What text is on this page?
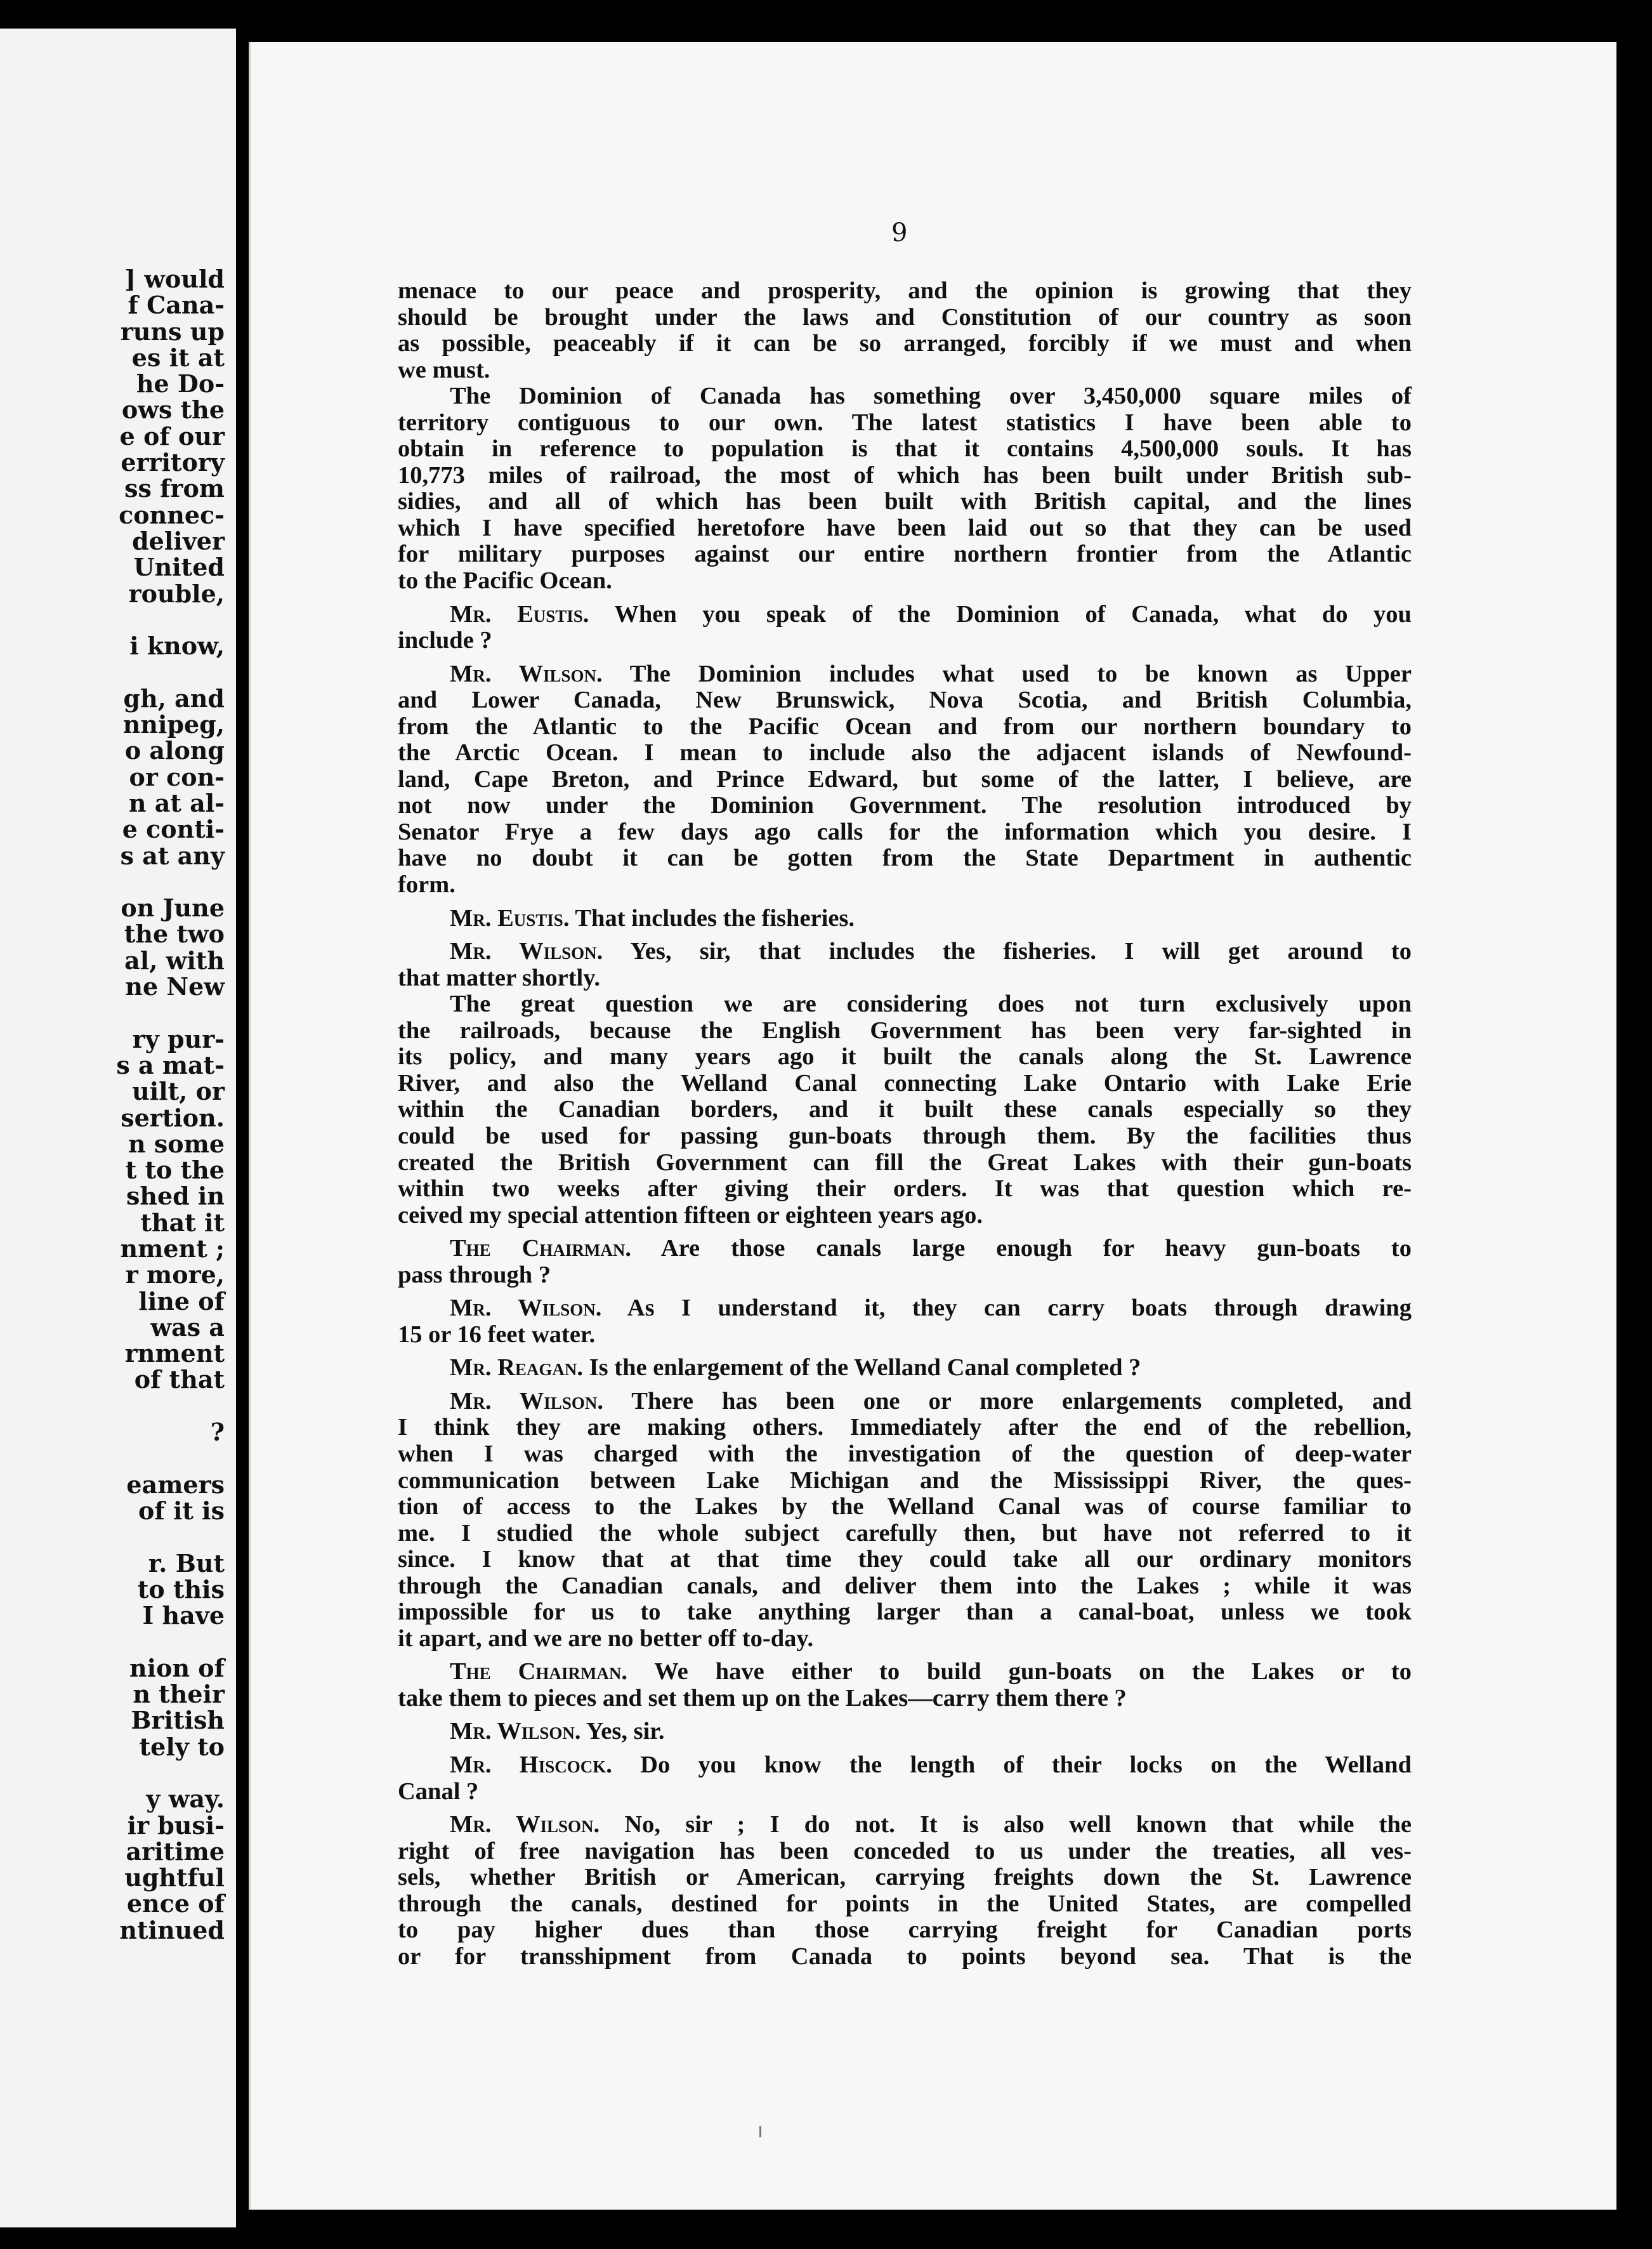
] would
f Cana-
runs up
es it at
he Do-
ows the
e of our
erritory
ss from
connec-
deliver
United
rouble,
i know,
gh, and
nnipeg,
o along
or con-
n at al-
e conti-
s at any
on June
the two
al, with
ne New
ry pur-
s a mat-
uilt, or
sertion.
n some
t to the
shed in
that it
nment ;
r more,
line of
was a
rnment
of that
?
eamers
of it is
r. But
to this
I have
nion of
n their
British
tely to
y way.
ir busi-
aritime
ughtful
ence of
ntinued
9
menace to our peace and prosperity, and the opinion is growing that they
should be brought under the laws and Constitution of our country as soon
as possible, peaceably if it can be so arranged, forcibly if we must and when
we must.
The Dominion of Canada has something over 3,450,000 square miles of
territory contiguous to our own. The latest statistics I have been able to
obtain in reference to population is that it contains 4,500,000 souls. It has
10,773 miles of railroad, the most of which has been built under British sub-
sidies, and all of which has been built with British capital, and the lines
which I have specified heretofore have been laid out so that they can be used
for military purposes against our entire northern frontier from the Atlantic
to the Pacific Ocean.
Mr. Eustis. When you speak of the Dominion of Canada, what do you
include ?
Mr. Wilson. The Dominion includes what used to be known as Upper
and Lower Canada, New Brunswick, Nova Scotia, and British Columbia,
from the Atlantic to the Pacific Ocean and from our northern boundary to
the Arctic Ocean. I mean to include also the adjacent islands of Newfound-
land, Cape Breton, and Prince Edward, but some of the latter, I believe, are
not now under the Dominion Government. The resolution introduced by
Senator Frye a few days ago calls for the information which you desire. I
have no doubt it can be gotten from the State Department in authentic
form.
Mr. Eustis. That includes the fisheries.
Mr. Wilson. Yes, sir, that includes the fisheries. I will get around to
that matter shortly.
The great question we are considering does not turn exclusively upon
the railroads, because the English Government has been very far-sighted in
its policy, and many years ago it built the canals along the St. Lawrence
River, and also the Welland Canal connecting Lake Ontario with Lake Erie
within the Canadian borders, and it built these canals especially so they
could be used for passing gun-boats through them. By the facilities thus
created the British Government can fill the Great Lakes with their gun-boats
within two weeks after giving their orders. It was that question which re-
ceived my special attention fifteen or eighteen years ago.
The Chairman. Are those canals large enough for heavy gun-boats to
pass through ?
Mr. Wilson. As I understand it, they can carry boats through drawing
15 or 16 feet water.
Mr. Reagan. Is the enlargement of the Welland Canal completed ?
Mr. Wilson. There has been one or more enlargements completed, and
I think they are making others. Immediately after the end of the rebellion,
when I was charged with the investigation of the question of deep-water
communication between Lake Michigan and the Mississippi River, the ques-
tion of access to the Lakes by the Welland Canal was of course familiar to
me. I studied the whole subject carefully then, but have not referred to it
since. I know that at that time they could take all our ordinary monitors
through the Canadian canals, and deliver them into the Lakes ; while it was
impossible for us to take anything larger than a canal-boat, unless we took
it apart, and we are no better off to-day.
The Chairman. We have either to build gun-boats on the Lakes or to
take them to pieces and set them up on the Lakes—carry them there ?
Mr. Wilson. Yes, sir.
Mr. Hiscock. Do you know the length of their locks on the Welland
Canal ?
Mr. Wilson. No, sir ; I do not. It is also well known that while the
right of free navigation has been conceded to us under the treaties, all ves-
sels, whether British or American, carrying freights down the St. Lawrence
through the canals, destined for points in the United States, are compelled
to pay higher dues than those carrying freight for Canadian ports
or for transshipment from Canada to points beyond sea. That is the
